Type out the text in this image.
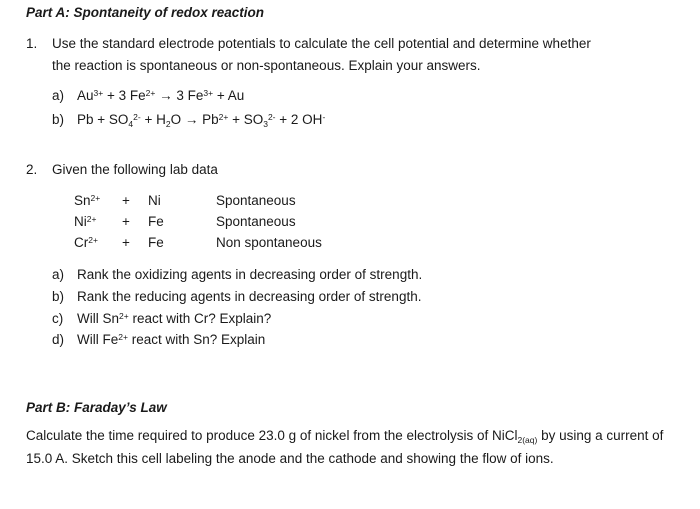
Part A: Spontaneity of redox reaction
1. Use the standard electrode potentials to calculate the cell potential and determine whether
the reaction is spontaneous or non-spontaneous. Explain your answers.
a) $Au^{3+} + 3$ $Fe^{2+} \to 3$ $Fe^{3+} + Au$
b) $Pb + SO_4^{2-} + H_2O \to Pb^{2+} + SO_3^{2-} + 2$ OH-
2. Given the following lab data
$Sn^{2+} + Ni$	Spontaneous
$Ni^{2+} + Fe$	Spontaneous
$Cr^{2+} + Fe$	Non spontaneous
a) Rank the oxidizing agents in decreasing order of strength.
b) Rank the reducing agents in decreasing order of strength.
c) Will $Sn^{2+}$ react with Cr? Explain?
d) Will $Fe^{2+}$ react with Sn? Explain
Part B: Faraday’s Law
Calculate the time required to produce 23.0 g of nickel from the electrolysis of NiCl$_{2(aq)}$ by using a current of 15.0 A. Sketch this cell labeling the anode and the cathode and showing the flow of ions.
